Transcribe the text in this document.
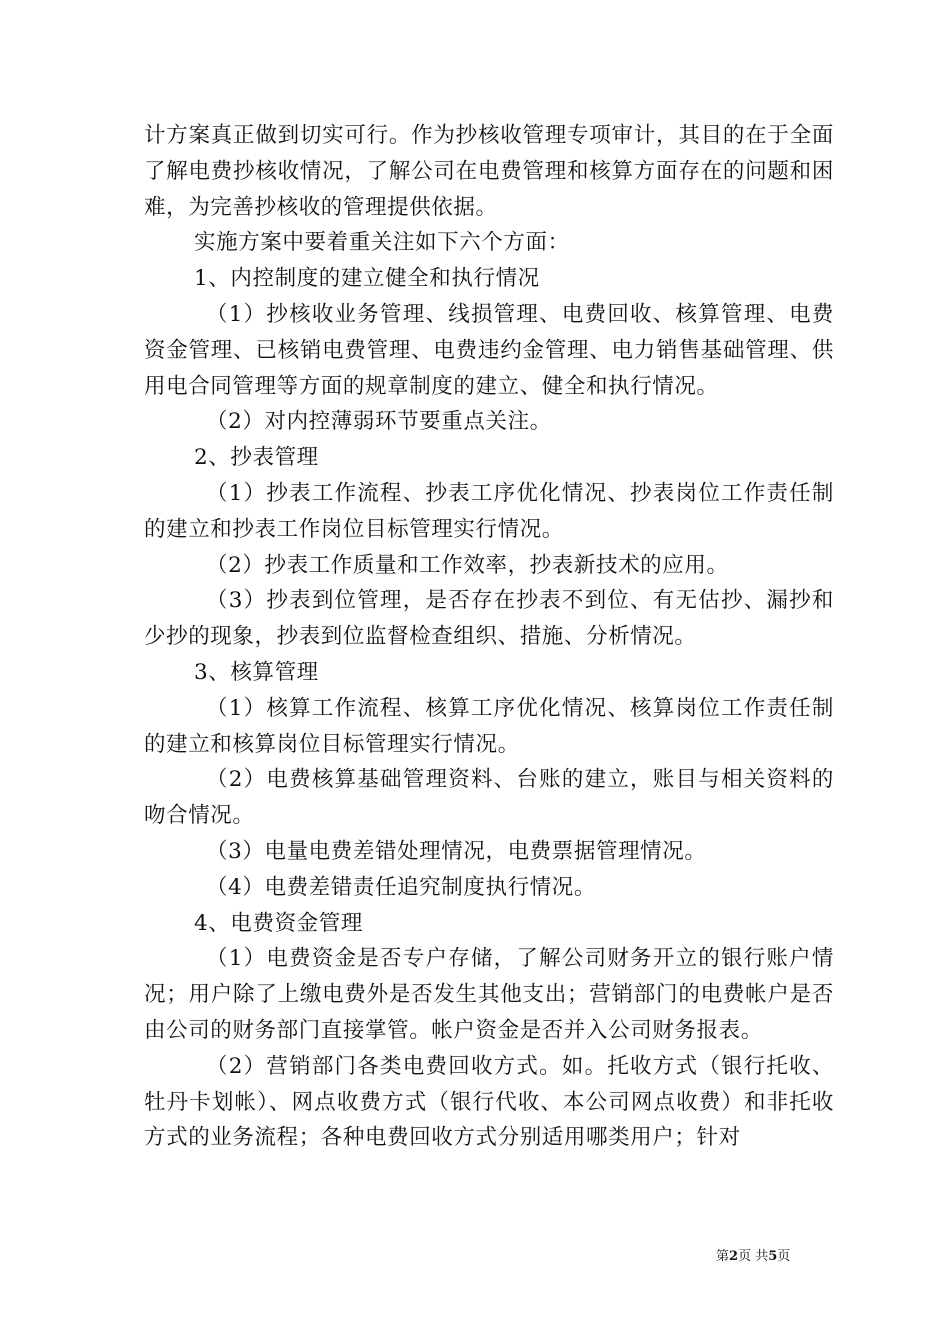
计方案真正做到切实可行。作为抄核收管理专项审计，其目的在于全面了解电费抄核收情况，了解公司在电费管理和核算方面存在的问题和困难，为完善抄核收的管理提供依据。

实施方案中要着重关注如下六个方面：

1、内控制度的建立健全和执行情况

（1）抄核收业务管理、线损管理、电费回收、核算管理、电费资金管理、已核销电费管理、电费违约金管理、电力销售基础管理、供用电合同管理等方面的规章制度的建立、健全和执行情况。

（2）对内控薄弱环节要重点关注。

2、抄表管理

（1）抄表工作流程、抄表工序优化情况、抄表岗位工作责任制的建立和抄表工作岗位目标管理实行情况。

（2）抄表工作质量和工作效率，抄表新技术的应用。

（3）抄表到位管理，是否存在抄表不到位、有无估抄、漏抄和少抄的现象，抄表到位监督检查组织、措施、分析情况。

3、核算管理

（1）核算工作流程、核算工序优化情况、核算岗位工作责任制的建立和核算岗位目标管理实行情况。

（2）电费核算基础管理资料、台账的建立，账目与相关资料的吻合情况。

（3）电量电费差错处理情况，电费票据管理情况。

（4）电费差错责任追究制度执行情况。

4、电费资金管理

（1）电费资金是否专户存储，了解公司财务开立的银行账户情况；用户除了上缴电费外是否发生其他支出；营销部门的电费帐户是否由公司的财务部门直接掌管。帐户资金是否并入公司财务报表。

（2）营销部门各类电费回收方式。如。托收方式（银行托收、牡丹卡划帐）、网点收费方式（银行代收、本公司网点收费）和非托收方式的业务流程；各种电费回收方式分别适用哪类用户；针对

第2页 共5页
